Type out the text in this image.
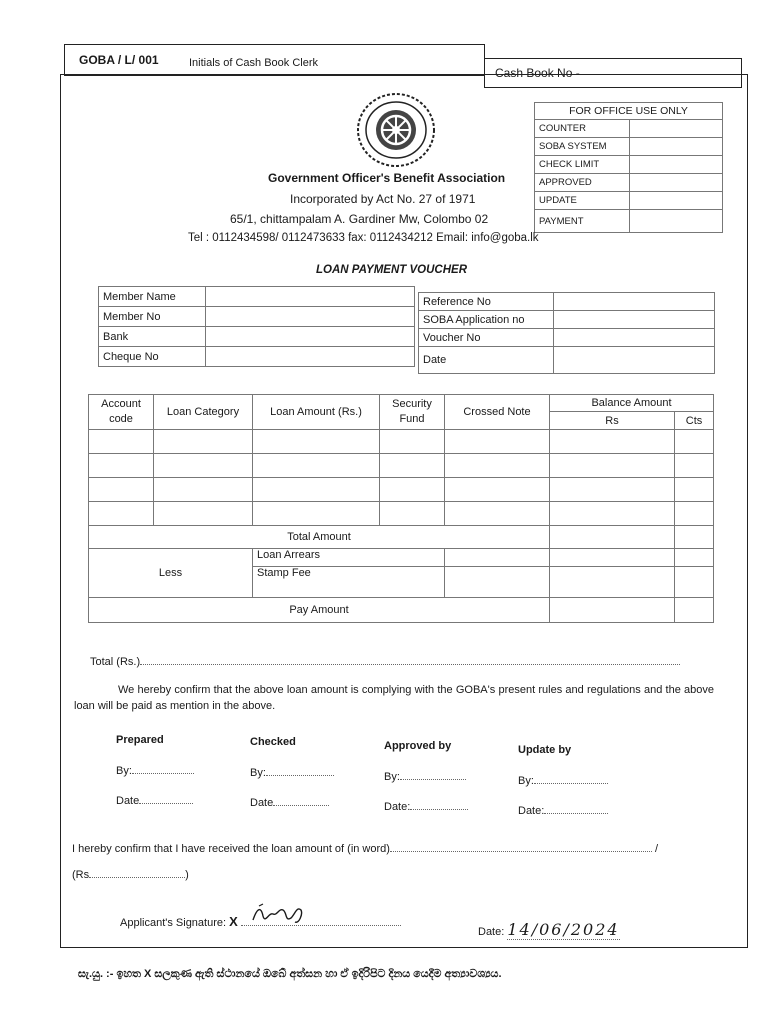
GOBA / L/ 001	Initials of Cash Book Clerk
Cash Book No -
FOR OFFICE USE ONLY	
COUNTER	
SOBA SYSTEM	
CHECK LIMIT	
APPROVED	
UPDATE	
PAYMENT	
Government Officer's Benefit Association
Incorporated by Act No. 27 of 1971
65/1, chittampalam A. Gardiner Mw, Colombo 02
Tel : 0112434598/ 0112473633 fax: 0112434212 Email: info@goba.lk
LOAN PAYMENT VOUCHER
Member Name	
Member No	
Bank	
Cheque No	
Reference No	
SOBA Application no	
Voucher No	
Date	
Account code	Loan Category	Loan Amount (Rs.)	Security Fund	Crossed Note	Balance Amount	
					Rs	Cts

Total Amount						
Less		Loan Arrears				
		Stamp Fee				
Pay Amount						
Total (Rs.)
We hereby confirm that the above loan amount is complying with the GOBA's present rules and regulations and the above loan will be paid as mention in the above.
Prepared	Checked	Approved by	Update by
By:	By:	By:	By:
Date	Date	Date:	Date:
I hereby confirm that I have received the loan amount of (in word)	/
(Rs	)
Applicant's Signature: X
Date: 14/06/2024
සැ.යු. :- ඉහත X සලකුණ ඇති ස්ථානයේ ඔබේ අත්සන හා ඒ ඉදිරිපිට දිනය යෙදීම අත්‍යාවශ්‍යය.
